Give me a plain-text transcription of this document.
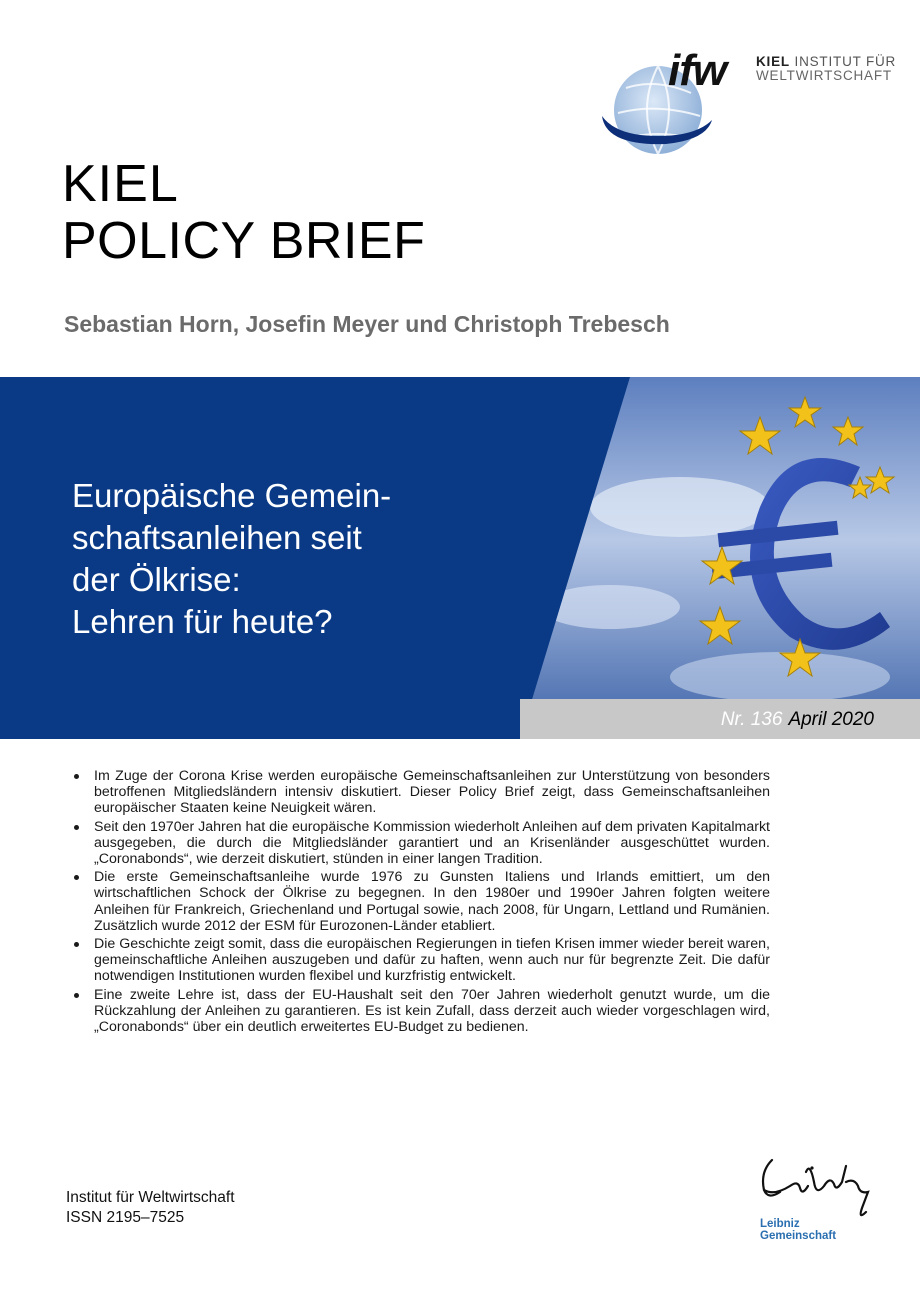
ifw KIEL INSTITUT FÜR
WELTWIRTSCHAFT
KIEL
POLICY BRIEF
Sebastian Horn, Josefin Meyer und Christoph Trebesch
Europäische Gemein-
schaftsanleihen seit
der Ölkrise:
Lehren für heute?
Nr. 136 April 2020
Im Zuge der Corona Krise werden europäische Gemeinschaftsanleihen zur Unterstützung von besonders betroffenen Mitgliedsländern intensiv diskutiert. Dieser Policy Brief zeigt, dass Gemeinschaftsanleihen europäischer Staaten keine Neuigkeit wären.
Seit den 1970er Jahren hat die europäische Kommission wiederholt Anleihen auf dem privaten Kapitalmarkt ausgegeben, die durch die Mitgliedsländer garantiert und an Krisenländer ausgeschüttet wurden. „Coronabonds“, wie derzeit diskutiert, stünden in einer langen Tradition.
Die erste Gemeinschaftsanleihe wurde 1976 zu Gunsten Italiens und Irlands emittiert, um den wirtschaftlichen Schock der Ölkrise zu begegnen. In den 1980er und 1990er Jahren folgten weitere Anleihen für Frankreich, Griechenland und Portugal sowie, nach 2008, für Ungarn, Lettland und Rumänien. Zusätzlich wurde 2012 der ESM für Eurozonen-Länder etabliert.
Die Geschichte zeigt somit, dass die europäischen Regierungen in tiefen Krisen immer wieder bereit waren, gemeinschaftliche Anleihen auszugeben und dafür zu haften, wenn auch nur für begrenzte Zeit. Die dafür notwendigen Institutionen wurden flexibel und kurzfristig entwickelt.
Eine zweite Lehre ist, dass der EU-Haushalt seit den 70er Jahren wiederholt genutzt wurde, um die Rückzahlung der Anleihen zu garantieren. Es ist kein Zufall, dass derzeit auch wieder vorgeschlagen wird, „Coronabonds“ über ein deutlich erweitertes EU-Budget zu bedienen.
Institut für Weltwirtschaft
ISSN 2195–7525	Leibniz
Gemeinschaft
